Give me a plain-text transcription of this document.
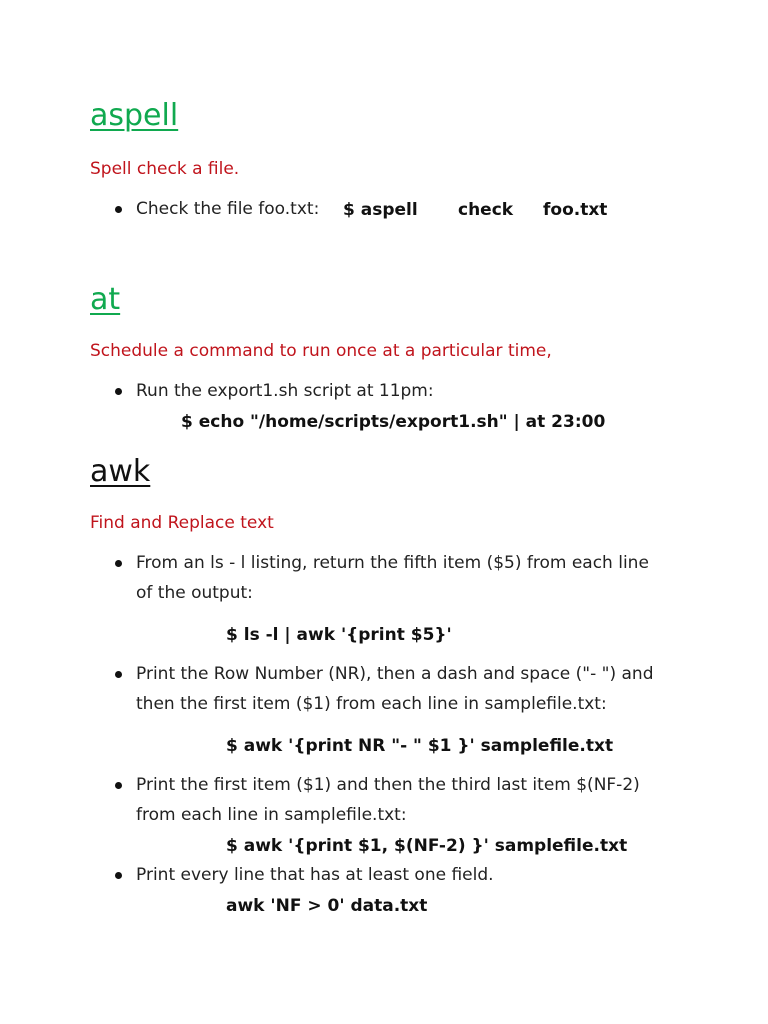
aspell
Spell check a file.
Check the file foo.txt: $ aspell check foo.txt
at
Schedule a command to run once at a particular time,
Run the export1.sh script at 11pm:
$ echo "/home/scripts/export1.sh" | at 23:00
awk
Find and Replace text
From an ls - l listing, return the fifth item ($5) from each line
of the output:
$ ls -l | awk '{print $5}'
Print the Row Number (NR), then a dash and space ("- ") and
then the first item ($1) from each line in samplefile.txt:
$ awk '{print NR "- " $1 }' samplefile.txt
Print the first item ($1) and then the third last item $(NF-2)
from each line in samplefile.txt:
$ awk '{print $1, $(NF-2) }' samplefile.txt
Print every line that has at least one field.
awk 'NF > 0' data.txt
